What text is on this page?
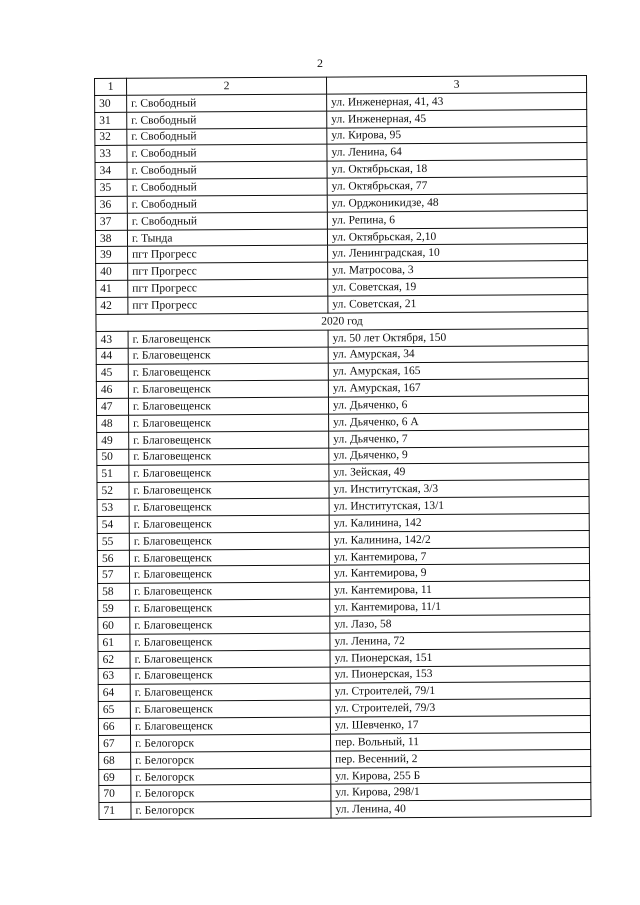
2
1	2	3
30	г. Свободный	ул. Инженерная, 41, 43
31	г. Свободный	ул. Инженерная, 45
32	г. Свободный	ул. Кирова, 95
33	г. Свободный	ул. Ленина, 64
34	г. Свободный	ул. Октябрьская, 18
35	г. Свободный	ул. Октябрьская, 77
36	г. Свободный	ул. Орджоникидзе, 48
37	г. Свободный	ул. Репина, 6
38	г. Тында	ул. Октябрьская, 2,10
39	пгт Прогресс	ул. Ленинградская, 10
40	пгт Прогресс	ул. Матросова, 3
41	пгт Прогресс	ул. Советская, 19
42	пгт Прогресс	ул. Советская, 21
2020 год		
43	г. Благовещенск	ул. 50 лет Октября, 150
44	г. Благовещенск	ул. Амурская, 34
45	г. Благовещенск	ул. Амурская, 165
46	г. Благовещенск	ул. Амурская, 167
47	г. Благовещенск	ул. Дьяченко, 6
48	г. Благовещенск	ул. Дьяченко, 6 А
49	г. Благовещенск	ул. Дьяченко, 7
50	г. Благовещенск	ул. Дьяченко, 9
51	г. Благовещенск	ул. Зейская, 49
52	г. Благовещенск	ул. Институтская, 3/3
53	г. Благовещенск	ул. Институтская, 13/1
54	г. Благовещенск	ул. Калинина, 142
55	г. Благовещенск	ул. Калинина, 142/2
56	г. Благовещенск	ул. Кантемирова, 7
57	г. Благовещенск	ул. Кантемирова, 9
58	г. Благовещенск	ул. Кантемирова, 11
59	г. Благовещенск	ул. Кантемирова, 11/1
60	г. Благовещенск	ул. Лазо, 58
61	г. Благовещенск	ул. Ленина, 72
62	г. Благовещенск	ул. Пионерская, 151
63	г. Благовещенск	ул. Пионерская, 153
64	г. Благовещенск	ул. Строителей, 79/1
65	г. Благовещенск	ул. Строителей, 79/3
66	г. Благовещенск	ул. Шевченко, 17
67	г. Белогорск	пер. Вольный, 11
68	г. Белогорск	пер. Весенний, 2
69	г. Белогорск	ул. Кирова, 255 Б
70	г. Белогорск	ул. Кирова, 298/1
71	г. Белогорск	ул. Ленина, 40
